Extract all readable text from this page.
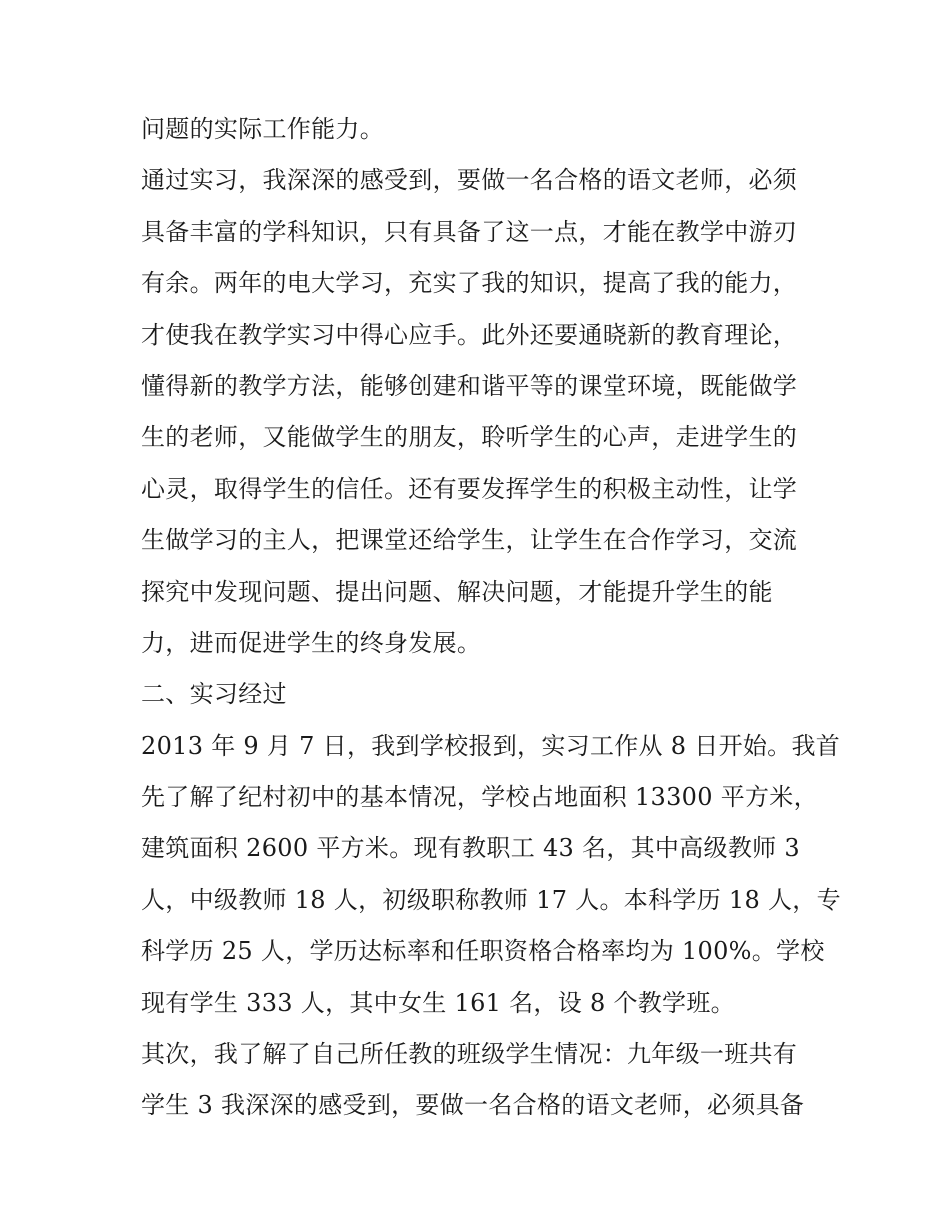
问题的实际工作能力。
通过实习，我深深的感受到，要做一名合格的语文老师，必须
具备丰富的学科知识，只有具备了这一点，才能在教学中游刃
有余。两年的电大学习，充实了我的知识，提高了我的能力，
才使我在教学实习中得心应手。此外还要通晓新的教育理论，
懂得新的教学方法，能够创建和谐平等的课堂环境，既能做学
生的老师，又能做学生的朋友，聆听学生的心声，走进学生的
心灵，取得学生的信任。还有要发挥学生的积极主动性，让学
生做学习的主人，把课堂还给学生，让学生在合作学习，交流
探究中发现问题、提出问题、解决问题，才能提升学生的能
力，进而促进学生的终身发展。
二、实习经过
2013 年 9 月 7 日，我到学校报到，实习工作从 8 日开始。我首
先了解了纪村初中的基本情况，学校占地面积 13300 平方米，
建筑面积 2600 平方米。现有教职工 43 名，其中高级教师 3
人，中级教师 18 人，初级职称教师 17 人。本科学历 18 人，专
科学历 25 人，学历达标率和任职资格合格率均为 100%。学校
现有学生 333 人，其中女生 161 名，设 8 个教学班。
其次，我了解了自己所任教的班级学生情况：九年级一班共有
学生 3 我深深的感受到，要做一名合格的语文老师，必须具备
